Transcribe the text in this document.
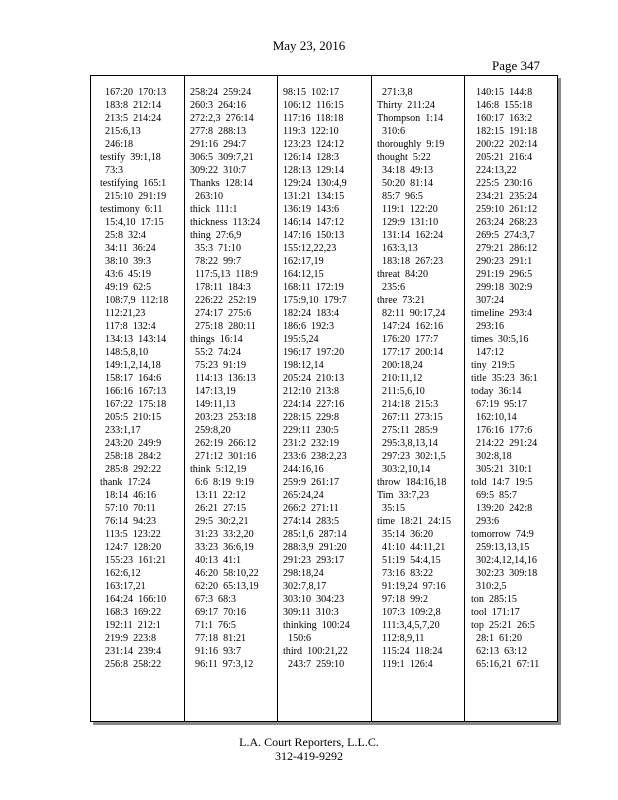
May 23, 2016
Page 347
167:20  170:13
183:8  212:14
213:5  214:24
215:6,13
246:18
testify  39:1,18
73:3
testifying  165:1
215:10  291:19
testimony  6:11
15:4,10  17:15
25:8  32:4
34:11  36:24
38:10  39:3
43:6  45:19
49:19  62:5
108:7,9  112:18
112:21,23
117:8  132:4
134:13  143:14
148:5,8,10
149:1,2,14,18
158:17  164:6
166:16  167:13
167:22  175:18
205:5  210:15
233:1,17
243:20  249:9
258:18  284:2
285:8  292:22
thank  17:24
18:14  46:16
57:10  70:11
76:14  94:23
113:5  123:22
124:7  128:20
155:23  161:21
162:6,12
163:17,21
164:24  166:10
168:3  169:22
192:11  212:1
219:9  223:8
231:14  239:4
256:8  258:22
258:24  259:24
260:3  264:16
272:2,3  276:14
277:8  288:13
291:16  294:7
306:5  309:7,21
309:22  310:7
Thanks  128:14
263:10
thick  111:1
thickness  113:24
thing  27:6,9
35:3  71:10
78:22  99:7
117:5,13  118:9
178:11  184:3
226:22  252:19
274:17  275:6
275:18  280:11
things  16:14
55:2  74:24
75:23  91:19
114:13  136:13
147:13,19
149:11,13
203:23  253:18
259:8,20
262:19  266:12
271:12  301:16
think  5:12,19
6:6  8:19  9:19
13:11  22:12
26:21  27:15
29:5  30:2,21
31:23  33:2,20
33:23  36:6,19
40:13  41:1
46:20  58:10,22
62:20  65:13,19
67:3  68:3
69:17  70:16
71:1  76:5
77:18  81:21
91:16  93:7
96:11  97:3,12
98:15  102:17
106:12  116:15
117:16  118:18
119:3  122:10
123:23  124:12
126:14  128:3
128:13  129:14
129:24  130:4,9
131:21  134:15
136:19  143:6
146:14  147:12
147:16  150:13
155:12,22,23
162:17,19
164:12,15
168:11  172:19
175:9,10  179:7
182:24  183:4
186:6  192:3
195:5,24
196:17  197:20
198:12,14
205:24  210:13
212:10  213:8
224:14  227:16
228:15  229:8
229:11  230:5
231:2  232:19
233:6  238:2,23
244:16,16
259:9  261:17
265:24,24
266:2  271:11
274:14  283:5
285:1,6  287:14
288:3,9  291:20
291:23  293:17
298:18,24
302:7,8,17
303:10  304:23
309:11  310:3
thinking  100:24
150:6
third  100:21,22
243:7  259:10
271:3,8
Thirty  211:24
Thompson  1:14
310:6
thoroughly  9:19
thought  5:22
34:18  49:13
50:20  81:14
85:7  96:5
119:1  122:20
129:9  131:10
131:14  162:24
163:3,13
183:18  267:23
threat  84:20
235:6
three  73:21
82:11  90:17,24
147:24  162:16
176:20  177:7
177:17  200:14
200:18,24
210:11,12
211:5,6,10
214:18  215:3
267:11  273:15
275:11  285:9
295:3,8,13,14
297:23  302:1,5
303:2,10,14
throw  184:16,18
Tim  33:7,23
35:15
time  18:21  24:15
35:14  36:20
41:10  44:11,21
51:19  54:4,15
73:16  83:22
91:19,24  97:16
97:18  99:2
107:3  109:2,8
111:3,4,5,7,20
112:8,9,11
115:24  118:24
119:1  126:4
140:15  144:8
146:8  155:18
160:17  163:2
182:15  191:18
200:22  202:14
205:21  216:4
224:13,22
225:5  230:16
234:21  235:24
259:10  261:12
263:24  268:23
269:5  274:3,7
279:21  286:12
290:23  291:1
291:19  296:5
299:18  302:9
307:24
timeline  293:4
293:16
times  30:5,16
147:12
tiny  219:5
title  35:23  36:1
today  36:14
67:19  95:17
162:10,14
176:16  177:6
214:22  291:24
302:8,18
305:21  310:1
told  14:7  19:5
69:5  85:7
139:20  242:8
293:6
tomorrow  74:9
259:13,13,15
302:4,12,14,16
302:23  309:18
310:2,5
ton  285:15
tool  171:17
top  25:21  26:5
28:1  61:20
62:13  63:12
65:16,21  67:11
L.A. Court Reporters, L.L.C.
312-419-9292
